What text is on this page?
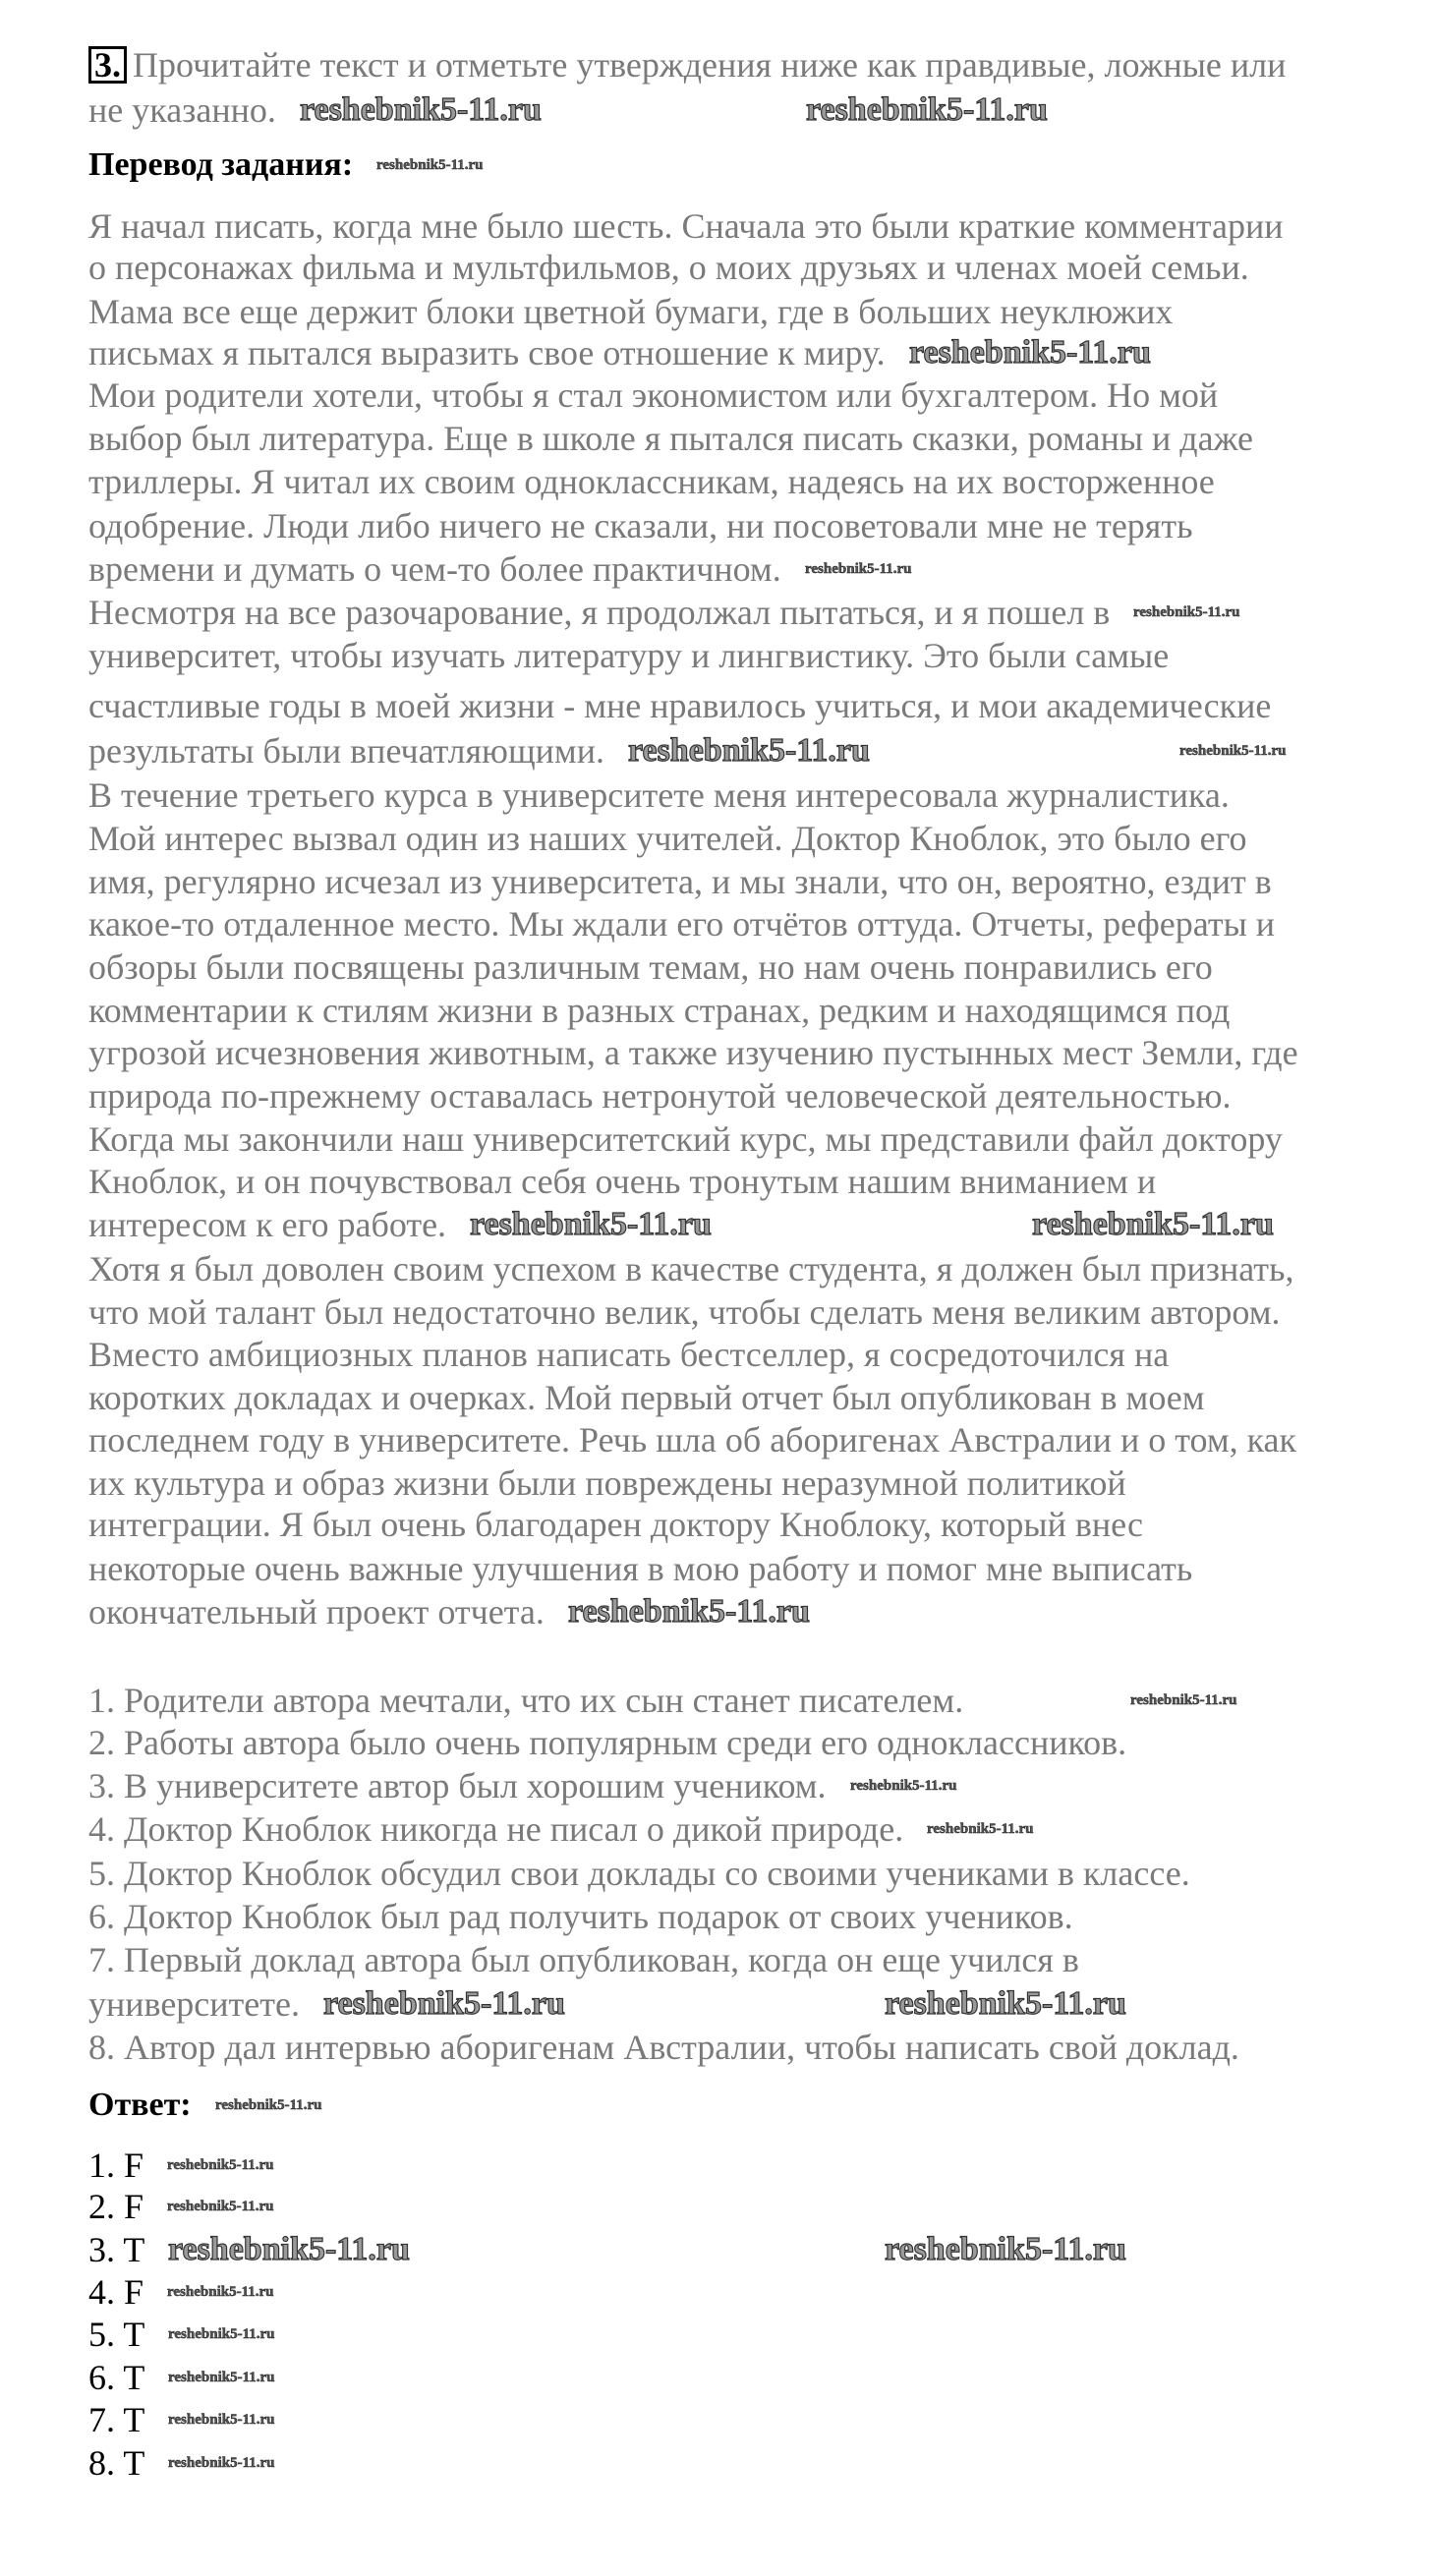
3. Прочитайте текст и отметьте утверждения ниже как правдивые, ложные или
не указанно.
Перевод задания:
Я начал писать, когда мне было шесть. Сначала это были краткие комментарии
о персонажах фильма и мультфильмов, о моих друзьях и членах моей семьи.
Мама все еще держит блоки цветной бумаги, где в больших неуклюжих
письмах я пытался выразить свое отношение к миру.
Мои родители хотели, чтобы я стал экономистом или бухгалтером. Но мой
выбор был литература. Еще в школе я пытался писать сказки, романы и даже
триллеры. Я читал их своим одноклассникам, надеясь на их восторженное
одобрение. Люди либо ничего не сказали, ни посоветовали мне не терять
времени и думать о чем-то более практичном.
Несмотря на все разочарование, я продолжал пытаться, и я пошел в
университет, чтобы изучать литературу и лингвистику. Это были самые
счастливые годы в моей жизни - мне нравилось учиться, и мои академические
результаты были впечатляющими.
В течение третьего курса в университете меня интересовала журналистика.
Мой интерес вызвал один из наших учителей. Доктор Кноблок, это было его
имя, регулярно исчезал из университета, и мы знали, что он, вероятно, ездит в
какое-то отдаленное место. Мы ждали его отчётов оттуда. Отчеты, рефераты и
обзоры были посвящены различным темам, но нам очень понравились его
комментарии к стилям жизни в разных странах, редким и находящимся под
угрозой исчезновения животным, а также изучению пустынных мест Земли, где
природа по-прежнему оставалась нетронутой человеческой деятельностью.
Когда мы закончили наш университетский курс, мы представили файл доктору
Кноблок, и он почувствовал себя очень тронутым нашим вниманием и
интересом к его работе.
Хотя я был доволен своим успехом в качестве студента, я должен был признать,
что мой талант был недостаточно велик, чтобы сделать меня великим автором.
Вместо амбициозных планов написать бестселлер, я сосредоточился на
коротких докладах и очерках. Мой первый отчет был опубликован в моем
последнем году в университете. Речь шла об аборигенах Австралии и о том, как
их культура и образ жизни были повреждены неразумной политикой
интеграции. Я был очень благодарен доктору Кноблоку, который внес
некоторые очень важные улучшения в мою работу и помог мне выписать
окончательный проект отчета.
1. Родители автора мечтали, что их сын станет писателем.
2. Работы автора было очень популярным среди его одноклассников.
3. В университете автор был хорошим учеником.
4. Доктор Кноблок никогда не писал о дикой природе.
5. Доктор Кноблок обсудил свои доклады со своими учениками в классе.
6. Доктор Кноблок был рад получить подарок от своих учеников.
7. Первый доклад автора был опубликован, когда он еще учился в
университете.
8. Автор дал интервью аборигенам Австралии, чтобы написать свой доклад.
Ответ:
1. F
2. F
3. T
4. F
5. T
6. T
7. T
8. T
reshebnik5-11.ru	reshebnik5-11.ru
reshebnik5-11.ru
reshebnik5-11.ru
reshebnik5-11.ru
reshebnik5-11.ru
reshebnik5-11.ru	reshebnik5-11.ru
reshebnik5-11.ru	reshebnik5-11.ru
reshebnik5-11.ru
reshebnik5-11.ru	reshebnik5-11.ru
reshebnik5-11.ru
reshebnik5-11.ru
reshebnik5-11.ru
reshebnik5-11.ru	reshebnik5-11.ru
reshebnik5-11.ru
reshebnik5-11.ru
reshebnik5-11.ru
reshebnik5-11.ru
reshebnik5-11.ru
reshebnik5-11.ru
reshebnik5-11.ru
reshebnik5-11.ru
